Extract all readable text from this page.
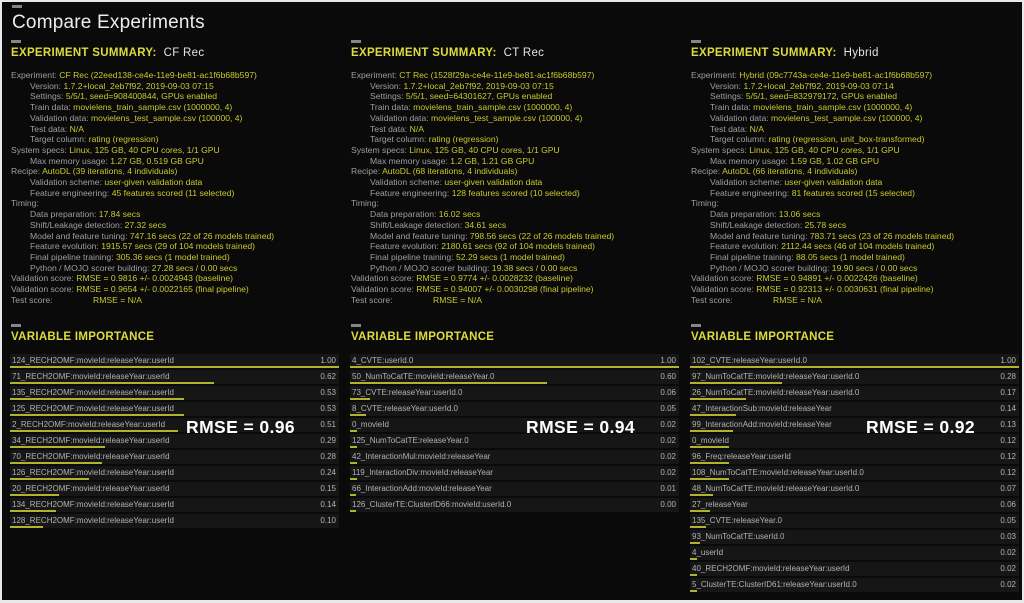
Compare Experiments
EXPERIMENT SUMMARY: CF Rec
Experiment: CF Rec (22eed138-ce4e-11e9-be81-ac1f6b68b597)
Version: 1.7.2+local_2eb7f92, 2019-09-03 07:15
Settings: 5/5/1, seed=908400844, GPUs enabled
Train data: movielens_train_sample.csv (1000000, 4)
Validation data: movielens_test_sample.csv (100000, 4)
Test data: N/A
Target column: rating (regression)
System specs: Linux, 125 GB, 40 CPU cores, 1/1 GPU
Max memory usage: 1.27 GB, 0.519 GB GPU
Recipe: AutoDL (39 iterations, 4 individuals)
Validation scheme: user-given validation data
Feature engineering: 45 features scored (11 selected)
Timing:
Data preparation: 17.84 secs
Shift/Leakage detection: 27.32 secs
Model and feature tuning: 747.16 secs (22 of 26 models trained)
Feature evolution: 1915.57 secs (29 of 104 models trained)
Final pipeline training: 305.36 secs (1 model trained)
Python / MOJO scorer building: 27.28 secs / 0.00 secs
Validation score: RMSE = 0.9816 +/- 0.0024943 (baseline)
Validation score: RMSE = 0.9654 +/- 0.0022165 (final pipeline)
Test score:	RMSE = N/A
VARIABLE IMPORTANCE
124_RECH2OMF:movieId:releaseYear:userId	1.00
71_RECH2OMF:movieId:releaseYear:userId	0.62
135_RECH2OMF:movieId:releaseYear:userId	0.53
125_RECH2OMF:movieId:releaseYear:userId	0.53
2_RECH2OMF:movieId:releaseYear:userId	0.51
34_RECH2OMF:movieId:releaseYear:userId	0.29
70_RECH2OMF:movieId:releaseYear:userId	0.28
126_RECH2OMF:movieId:releaseYear:userId	0.24
20_RECH2OMF:movieId:releaseYear:userId	0.15
134_RECH2OMF:movieId:releaseYear:userId	0.14
128_RECH2OMF:movieId:releaseYear:userId	0.10
RMSE = 0.96
EXPERIMENT SUMMARY: CT Rec
Experiment: CT Rec (1528f29a-ce4e-11e9-be81-ac1f6b68b597)
Version: 1.7.2+local_2eb7f92, 2019-09-03 07:15
Settings: 5/5/1, seed=64301627, GPUs enabled
Train data: movielens_train_sample.csv (1000000, 4)
Validation data: movielens_test_sample.csv (100000, 4)
Test data: N/A
Target column: rating (regression)
System specs: Linux, 125 GB, 40 CPU cores, 1/1 GPU
Max memory usage: 1.2 GB, 1.21 GB GPU
Recipe: AutoDL (68 iterations, 4 individuals)
Validation scheme: user-given validation data
Feature engineering: 128 features scored (10 selected)
Timing:
Data preparation: 16.02 secs
Shift/Leakage detection: 34.61 secs
Model and feature tuning: 798.56 secs (22 of 26 models trained)
Feature evolution: 2180.61 secs (92 of 104 models trained)
Final pipeline training: 52.29 secs (1 model trained)
Python / MOJO scorer building: 19.38 secs / 0.00 secs
Validation score: RMSE = 0.9774 +/- 0.0028232 (baseline)
Validation score: RMSE = 0.94007 +/- 0.0030298 (final pipeline)
Test score:	RMSE = N/A
VARIABLE IMPORTANCE
4_CVTE:userId.0	1.00
50_NumToCatTE:movieId:releaseYear.0	0.60
73_CVTE:releaseYear:userId.0	0.06
8_CVTE:releaseYear:userId.0	0.05
0_movieId	0.02
125_NumToCatTE:releaseYear.0	0.02
42_InteractionMul:movieId:releaseYear	0.02
119_InteractionDiv:movieId:releaseYear	0.02
66_InteractionAdd:movieId:releaseYear	0.01
126_ClusterTE:ClusterID66:movieId:userId.0	0.00
RMSE = 0.94
EXPERIMENT SUMMARY: Hybrid
Experiment: Hybrid (09c7743a-ce4e-11e9-be81-ac1f6b68b597)
Version: 1.7.2+local_2eb7f92, 2019-09-03 07:14
Settings: 5/5/1, seed=832979172, GPUs enabled
Train data: movielens_train_sample.csv (1000000, 4)
Validation data: movielens_test_sample.csv (100000, 4)
Test data: N/A
Target column: rating (regression, unit_box-transformed)
System specs: Linux, 125 GB, 40 CPU cores, 1/1 GPU
Max memory usage: 1.59 GB, 1.02 GB GPU
Recipe: AutoDL (66 iterations, 4 individuals)
Validation scheme: user-given validation data
Feature engineering: 81 features scored (15 selected)
Timing:
Data preparation: 13.06 secs
Shift/Leakage detection: 25.78 secs
Model and feature tuning: 783.71 secs (23 of 26 models trained)
Feature evolution: 2112.44 secs (46 of 104 models trained)
Final pipeline training: 88.05 secs (1 model trained)
Python / MOJO scorer building: 19.90 secs / 0.00 secs
Validation score: RMSE = 0.94891 +/- 0.0022426 (baseline)
Validation score: RMSE = 0.92313 +/- 0.0030631 (final pipeline)
Test score:	RMSE = N/A
VARIABLE IMPORTANCE
102_CVTE:releaseYear:userId.0	1.00
97_NumToCatTE:movieId:releaseYear:userId.0	0.28
26_NumToCatTE:movieId:releaseYear:userId.0	0.17
47_InteractionSub:movieId:releaseYear	0.14
99_InteractionAdd:movieId:releaseYear	0.13
0_movieId	0.12
96_Freq:releaseYear:userId	0.12
108_NumToCatTE:movieId:releaseYear:userId.0	0.12
48_NumToCatTE:movieId:releaseYear:userId.0	0.07
27_releaseYear	0.06
135_CVTE:releaseYear.0	0.05
93_NumToCatTE:userId.0	0.03
4_userId	0.02
40_RECH2OMF:movieId:releaseYear:userId	0.02
5_ClusterTE:ClusterID61:releaseYear:userId.0	0.02
RMSE = 0.92
